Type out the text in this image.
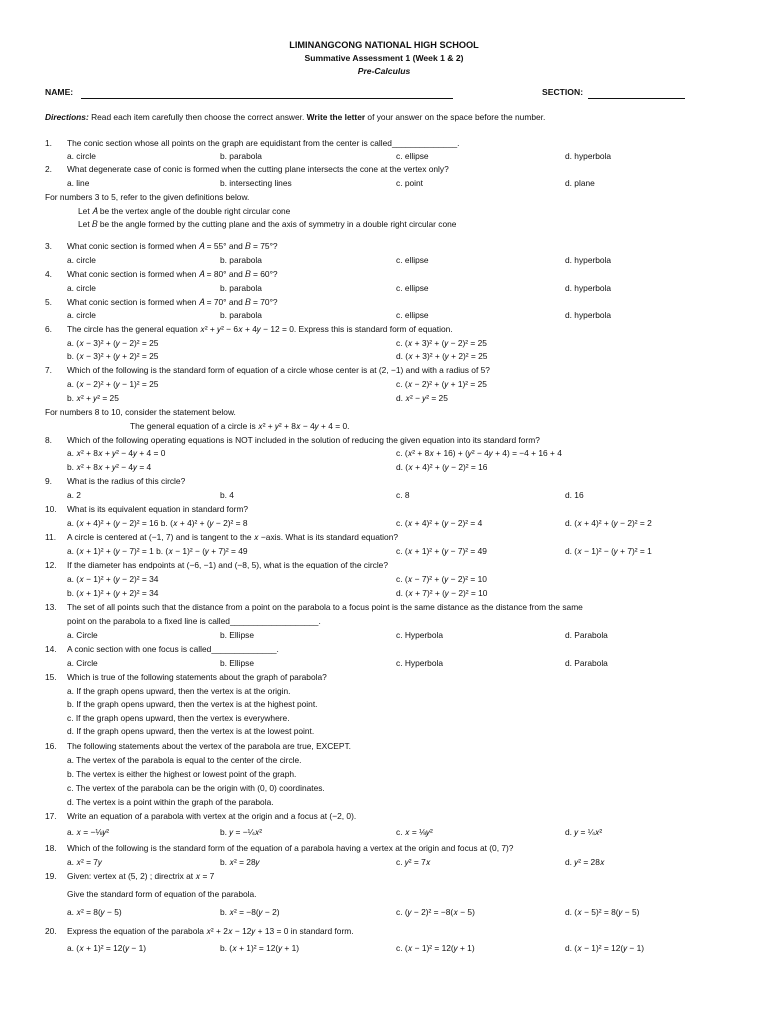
LIMINANGCONG NATIONAL HIGH SCHOOL
Summative Assessment 1 (Week 1 & 2)
Pre-Calculus
NAME:	SECTION:
Directions: Read each item carefully then choose the correct answer. Write the letter of your answer on the space before the number.
1. The conic section whose all points on the graph are equidistant from the center is called______________.
a. circle	b. parabola	c. ellipse	d. hyperbola
2. What degenerate case of conic is formed when the cutting plane intersects the cone at the vertex only?
a. line	b. intersecting lines	c. point	d. plane
For numbers 3 to 5, refer to the given definitions below.
Let 𝐴 be the vertex angle of the double right circular cone
Let 𝐵 be the angle formed by the cutting plane and the axis of symmetry in a double right circular cone
3. What conic section is formed when 𝐴 = 55° and 𝐵 = 75°?
a. circle	b. parabola	c. ellipse	d. hyperbola
4. What conic section is formed when 𝐴 = 80° and 𝐵 = 60°?
a. circle	b. parabola	c. ellipse	d. hyperbola
5. What conic section is formed when 𝐴 = 70° and 𝐵 = 70°?
a. circle	b. parabola	c. ellipse	d. hyperbola
6. The circle has the general equation 𝑥² + 𝑦² − 6𝑥 + 4𝑦 − 12 = 0. Express this is standard form of equation.
a. (𝑥 − 3)² + (𝑦 − 2)² = 25	c. (𝑥 + 3)² + (𝑦 − 2)² = 25
b. (𝑥 − 3)² + (𝑦 + 2)² = 25	d. (𝑥 + 3)² + (𝑦 + 2)² = 25
7. Which of the following is the standard form of equation of a circle whose center is at (2, −1) and with a radius of 5?
a. (𝑥 − 2)² + (𝑦 − 1)² = 25	c. (𝑥 − 2)² + (𝑦 + 1)² = 25
b. 𝑥² + 𝑦² = 25	d. 𝑥² − 𝑦² = 25
For numbers 8 to 10, consider the statement below.
The general equation of a circle is 𝑥² + 𝑦² + 8𝑥 − 4𝑦 + 4 = 0.
8. Which of the following operating equations is NOT included in the solution of reducing the given equation into its standard form?
a. 𝑥² + 8𝑥 + 𝑦² − 4𝑦 + 4 = 0	c. (𝑥² + 8𝑥 + 16) + (𝑦² − 4𝑦 + 4) = −4 + 16 + 4
b. 𝑥² + 8𝑥 + 𝑦² − 4𝑦 = 4	d. (𝑥 + 4)² + (𝑦 − 2)² = 16
9. What is the radius of this circle?
a. 2	b. 4	c. 8	d. 16
10. What is its equivalent equation in standard form?
a. (𝑥 + 4)² + (𝑦 − 2)² = 16 b. (𝑥 + 4)² + (𝑦 − 2)² = 8	c. (𝑥 + 4)² + (𝑦 − 2)² = 4	d. (𝑥 + 4)² + (𝑦 − 2)² = 2
11. A circle is centered at (−1, 7) and is tangent to the 𝑥 −axis. What is its standard equation?
a. (𝑥 + 1)² + (𝑦 − 7)² = 1 b. (𝑥 − 1)² − (𝑦 + 7)² = 49	c. (𝑥 + 1)² + (𝑦 − 7)² = 49	d. (𝑥 − 1)² − (𝑦 + 7)² = 1
12. If the diameter has endpoints at (−6, −1) and (−8, 5), what is the equation of the circle?
a. (𝑥 − 1)² + (𝑦 − 2)² = 34	c. (𝑥 − 7)² + (𝑦 − 2)² = 10
b. (𝑥 + 1)² + (𝑦 + 2)² = 34	d. (𝑥 + 7)² + (𝑦 − 2)² = 10
13. The set of all points such that the distance from a point on the parabola to a focus point is the same distance as the distance from the same
point on the parabola to a fixed line is called___________________.
a. Circle	b. Ellipse	c. Hyperbola	d. Parabola
14. A conic section with one focus is called______________.
a. Circle	b. Ellipse	c. Hyperbola	d. Parabola
15. Which is true of the following statements about the graph of parabola?
a. If the graph opens upward, then the vertex is at the origin.
b. If the graph opens upward, then the vertex is at the highest point.
c. If the graph opens upward, then the vertex is everywhere.
d. If the graph opens upward, then the vertex is at the lowest point.
16. The following statements about the vertex of the parabola are true, EXCEPT.
a. The vertex of the parabola is equal to the center of the circle.
b. The vertex is either the highest or lowest point of the graph.
c. The vertex of the parabola can be the origin with (0, 0) coordinates.
d. The vertex is a point within the graph of the parabola.
17. Write an equation of a parabola with vertex at the origin and a focus at (−2, 0).
a. 𝑥 = −⅛𝑦²	b. 𝑦 = −¼𝑥²	c. 𝑥 = ⅛𝑦²	d. 𝑦 = ¼𝑥²
18. Which of the following is the standard form of the equation of a parabola having a vertex at the origin and focus at (0, 7)?
a. 𝑥² = 7𝑦	b. 𝑥² = 28𝑦	c. 𝑦² = 7𝑥	d. 𝑦² = 28𝑥
19. Given: vertex at (5, 2) ; directrix at 𝑥 = 7
Give the standard form of equation of the parabola.
a. 𝑥² = 8(𝑦 − 5)	b. 𝑥² = −8(𝑦 − 2)	c. (𝑦 − 2)² = −8(𝑥 − 5)	d. (𝑥 − 5)² = 8(𝑦 − 5)
20. Express the equation of the parabola 𝑥² + 2𝑥 − 12𝑦 + 13 = 0 in standard form.
a. (𝑥 + 1)² = 12(𝑦 − 1)	b. (𝑥 + 1)² = 12(𝑦 + 1)	c. (𝑥 − 1)² = 12(𝑦 + 1)	d. (𝑥 − 1)² = 12(𝑦 − 1)
